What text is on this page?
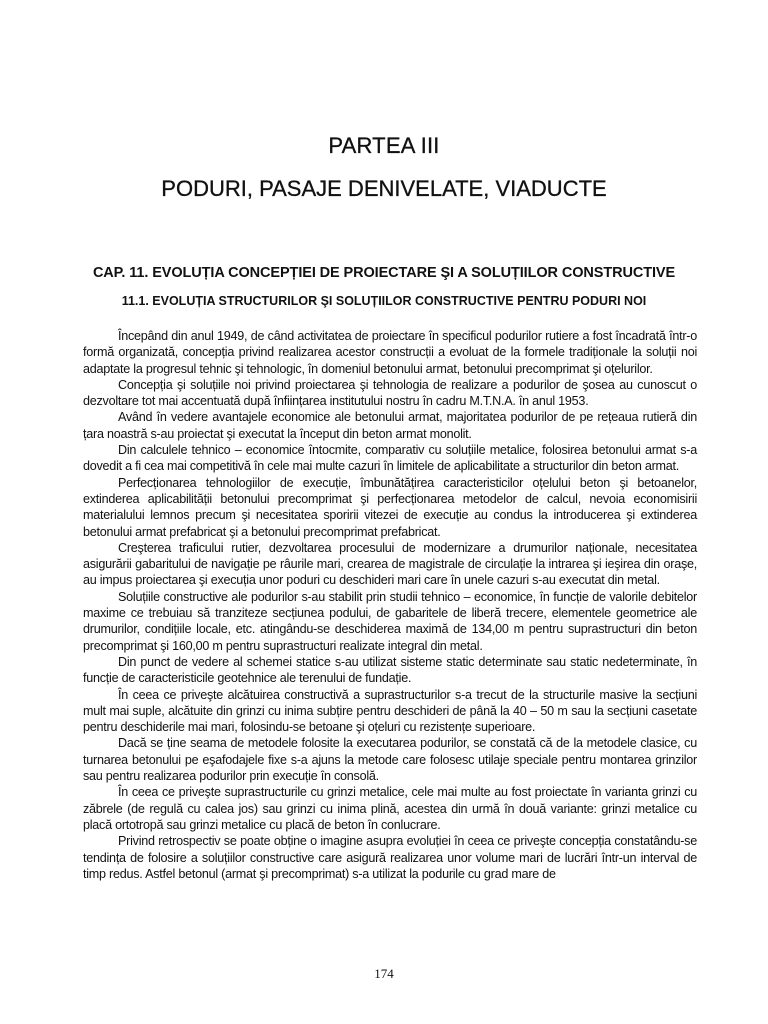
PARTEA III
PODURI, PASAJE DENIVELATE, VIADUCTE
CAP. 11. EVOLUȚIA CONCEPȚIEI DE PROIECTARE ŞI A SOLUȚIILOR CONSTRUCTIVE
11.1. EVOLUȚIA STRUCTURILOR ŞI SOLUȚIILOR CONSTRUCTIVE PENTRU PODURI NOI

Începând din anul 1949, de când activitatea de proiectare în specificul podurilor rutiere a fost încadrată într-o formă organizată, concepția privind realizarea acestor construcții a evoluat de la formele tradiționale la soluții noi adaptate la progresul tehnic şi tehnologic, în domeniul betonului armat, betonului precomprimat şi oțelurilor.

Concepția şi soluțiile noi privind proiectarea şi tehnologia de realizare a podurilor de şosea au cunoscut o dezvoltare tot mai accentuată după înființarea institutului nostru în cadru M.T.N.A. în anul 1953.

Având în vedere avantajele economice ale betonului armat, majoritatea podurilor de pe rețeaua rutieră din țara noastră s-au proiectat şi executat la început din beton armat monolit.

Din calculele tehnico – economice întocmite, comparativ cu soluțiile metalice, folosirea betonului armat s-a dovedit a fi cea mai competitivă în cele mai multe cazuri în limitele de aplicabilitate a structurilor din beton armat.

Perfecționarea tehnologiilor de execuție, îmbunătățirea caracteristicilor oțelului beton şi betoanelor, extinderea aplicabilității betonului precomprimat şi perfecționarea metodelor de calcul, nevoia economisirii materialului lemnos precum şi necesitatea sporirii vitezei de execuție au condus la introducerea şi extinderea betonului armat prefabricat şi a betonului precomprimat prefabricat.

Creşterea traficului rutier, dezvoltarea procesului de modernizare a drumurilor naționale, necesitatea asigurării gabaritului de navigație pe râurile mari, crearea de magistrale de circulație la intrarea şi ieşirea din oraşe, au impus proiectarea şi execuția unor poduri cu deschideri mari care în unele cazuri s-au executat din metal.

Soluțiile constructive ale podurilor s-au stabilit prin studii tehnico – economice, în funcție de valorile debitelor maxime ce trebuiau să tranziteze secțiunea podului, de gabaritele de liberă trecere, elementele geometrice ale drumurilor, condițiile locale, etc. atingându-se deschiderea maximă de 134,00 m pentru suprastructuri din beton precomprimat şi 160,00 m pentru suprastructuri realizate integral din metal.

Din punct de vedere al schemei statice s-au utilizat sisteme static determinate sau static nedeterminate, în funcție de caracteristicile geotehnice ale terenului de fundație.

În ceea ce priveşte alcătuirea constructivă a suprastructurilor s-a trecut de la structurile masive la secțiuni mult mai suple, alcătuite din grinzi cu inima subțire pentru deschideri de până la 40 – 50 m sau la secțiuni casetate pentru deschiderile mai mari, folosindu-se betoane şi oțeluri cu rezistențe superioare.

Dacă se ține seama de metodele folosite la executarea podurilor, se constată că de la metodele clasice, cu turnarea betonului pe eşafodajele fixe s-a ajuns la metode care folosesc utilaje speciale pentru montarea grinzilor sau pentru realizarea podurilor prin execuție în consolă.

În ceea ce priveşte suprastructurile cu grinzi metalice, cele mai multe au fost proiectate în varianta grinzi cu zăbrele (de regulă cu calea jos) sau grinzi cu inima plină, acestea din urmă în două variante: grinzi metalice cu placă ortotropă sau grinzi metalice cu placă de beton în conlucrare.

Privind retrospectiv se poate obține o imagine asupra evoluției în ceea ce priveşte concepția constatându-se tendința de folosire a soluțiilor constructive care asigură realizarea unor volume mari de lucrări într-un interval de timp redus. Astfel betonul (armat şi precomprimat) s-a utilizat la podurile cu grad mare de

174
